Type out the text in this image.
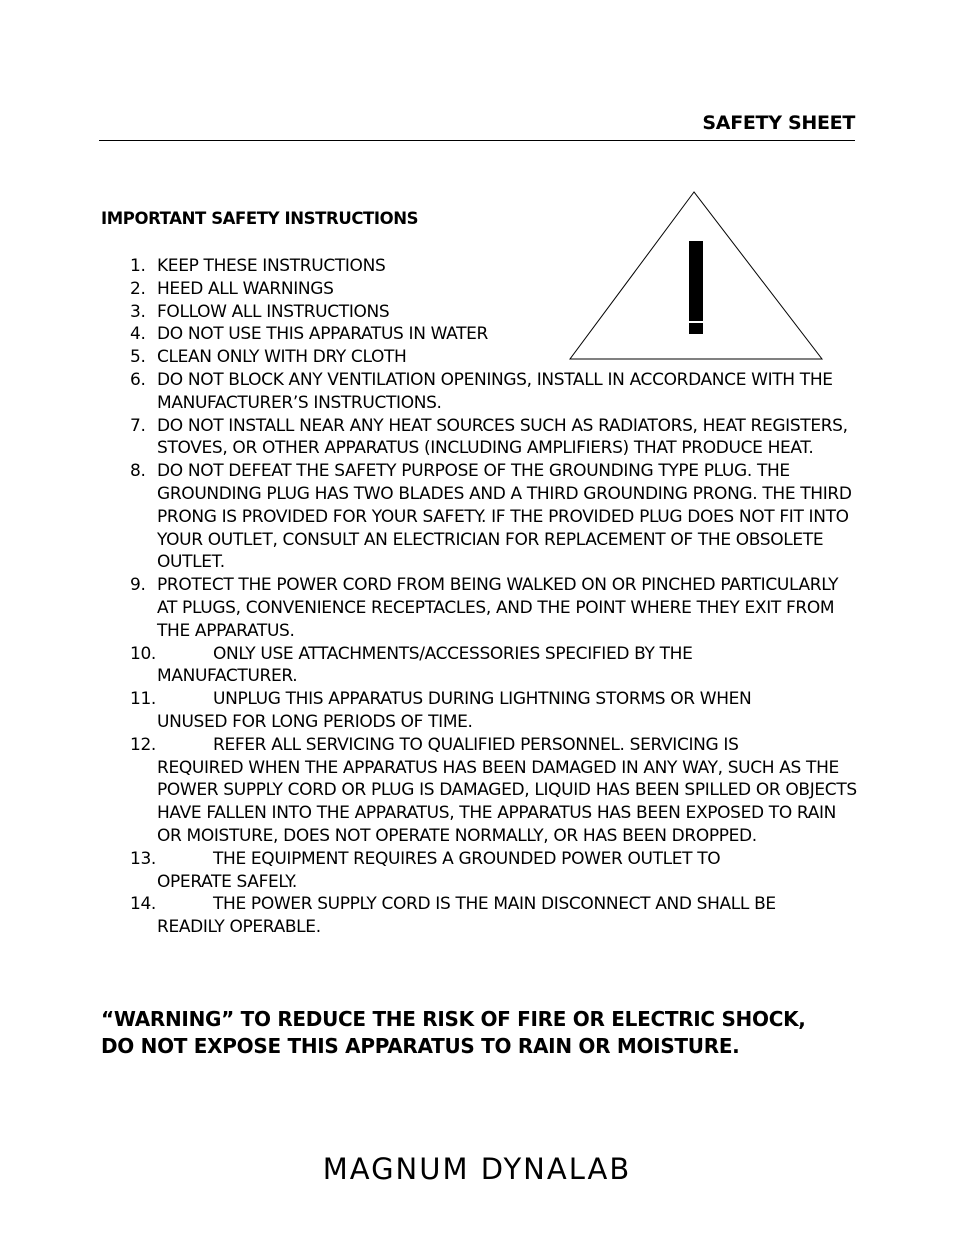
SAFETY SHEET
IMPORTANT SAFETY INSTRUCTIONS
!
1. KEEP THESE INSTRUCTIONS
2. HEED ALL WARNINGS
3. FOLLOW ALL INSTRUCTIONS
4. DO NOT USE THIS APPARATUS IN WATER
5. CLEAN ONLY WITH DRY CLOTH
6. DO NOT BLOCK ANY VENTILATION OPENINGS, INSTALL IN ACCORDANCE WITH THE MANUFACTURER’S INSTRUCTIONS.
7. DO NOT INSTALL NEAR ANY HEAT SOURCES SUCH AS RADIATORS, HEAT REGISTERS, STOVES, OR OTHER APPARATUS (INCLUDING AMPLIFIERS) THAT PRODUCE HEAT.
8. DO NOT DEFEAT THE SAFETY PURPOSE OF THE GROUNDING TYPE PLUG. THE GROUNDING PLUG HAS TWO BLADES AND A THIRD GROUNDING PRONG. THE THIRD PRONG IS PROVIDED FOR YOUR SAFETY. IF THE PROVIDED PLUG DOES NOT FIT INTO YOUR OUTLET, CONSULT AN ELECTRICIAN FOR REPLACEMENT OF THE OBSOLETE OUTLET.
9. PROTECT THE POWER CORD FROM BEING WALKED ON OR PINCHED PARTICULARLY AT PLUGS, CONVENIENCE RECEPTACLES, AND THE POINT WHERE THEY EXIT FROM THE APPARATUS.
10.	ONLY USE ATTACHMENTS/ACCESSORIES SPECIFIED BY THE
MANUFACTURER.
11.	UNPLUG THIS APPARATUS DURING LIGHTNING STORMS OR WHEN
UNUSED FOR LONG PERIODS OF TIME.
12.	REFER ALL SERVICING TO QUALIFIED PERSONNEL. SERVICING IS
REQUIRED WHEN THE APPARATUS HAS BEEN DAMAGED IN ANY WAY, SUCH AS THE POWER SUPPLY CORD OR PLUG IS DAMAGED, LIQUID HAS BEEN SPILLED OR OBJECTS HAVE FALLEN INTO THE APPARATUS, THE APPARATUS HAS BEEN EXPOSED TO RAIN OR MOISTURE, DOES NOT OPERATE NORMALLY, OR HAS BEEN DROPPED.
13.	THE EQUIPMENT REQUIRES A GROUNDED POWER OUTLET TO
OPERATE SAFELY.
14.	THE POWER SUPPLY CORD IS THE MAIN DISCONNECT AND SHALL BE
READILY OPERABLE.
“WARNING” TO REDUCE THE RISK OF FIRE OR ELECTRIC SHOCK, DO NOT EXPOSE THIS APPARATUS TO RAIN OR MOISTURE.
MAGNUM DYNALAB
